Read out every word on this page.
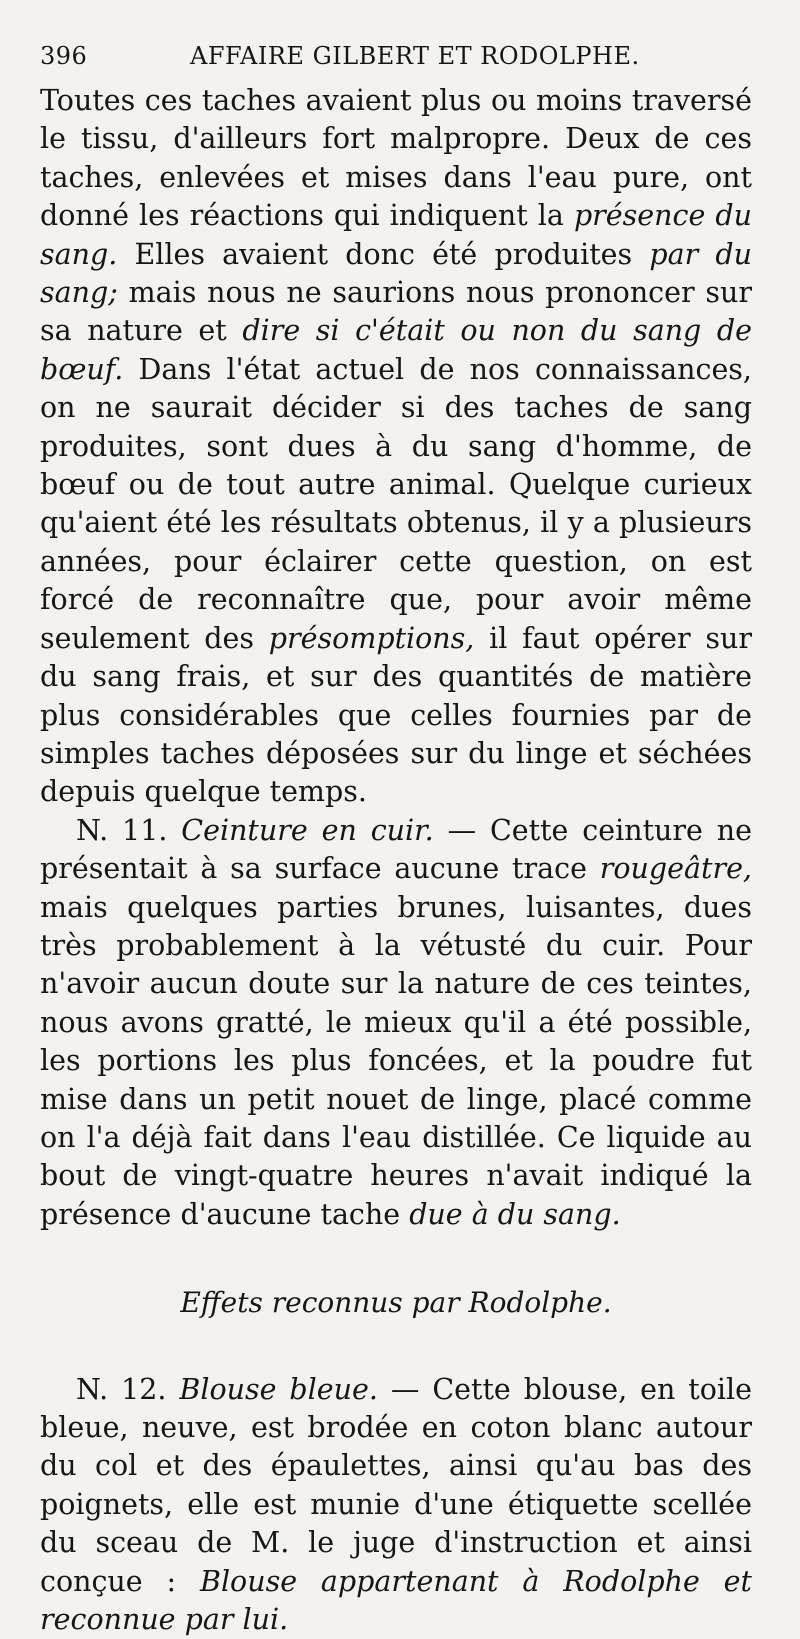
396	AFFAIRE GILBERT ET RODOLPHE.

Toutes ces taches avaient plus ou moins traversé le tissu, d'ailleurs fort malpropre. Deux de ces taches, enlevées et mises dans l'eau pure, ont donné les réactions qui indiquent la présence du sang. Elles avaient donc été produites par du sang; mais nous ne saurions nous prononcer sur sa nature et dire si c'était ou non du sang de bœuf. Dans l'état actuel de nos connaissances, on ne saurait décider si des taches de sang produites, sont dues à du sang d'homme, de bœuf ou de tout autre animal. Quelque curieux qu'aient été les résultats obtenus, il y a plusieurs années, pour éclairer cette question, on est forcé de reconnaître que, pour avoir même seulement des présomptions, il faut opérer sur du sang frais, et sur des quantités de matière plus considérables que celles fournies par de simples taches déposées sur du linge et séchées depuis quelque temps.

N. 11. Ceinture en cuir. — Cette ceinture ne présentait à sa surface aucune trace rougeâtre, mais quelques parties brunes, luisantes, dues très probablement à la vétusté du cuir. Pour n'avoir aucun doute sur la nature de ces teintes, nous avons gratté, le mieux qu'il a été possible, les portions les plus foncées, et la poudre fut mise dans un petit nouet de linge, placé comme on l'a déjà fait dans l'eau distillée. Ce liquide au bout de vingt-quatre heures n'avait indiqué la présence d'aucune tache due à du sang.

Effets reconnus par Rodolphe.

N. 12. Blouse bleue. — Cette blouse, en toile bleue, neuve, est brodée en coton blanc autour du col et des épaulettes, ainsi qu'au bas des poignets, elle est munie d'une étiquette scellée du sceau de M. le juge d'instruction et ainsi conçue : Blouse appartenant à Rodolphe et reconnue par lui.
